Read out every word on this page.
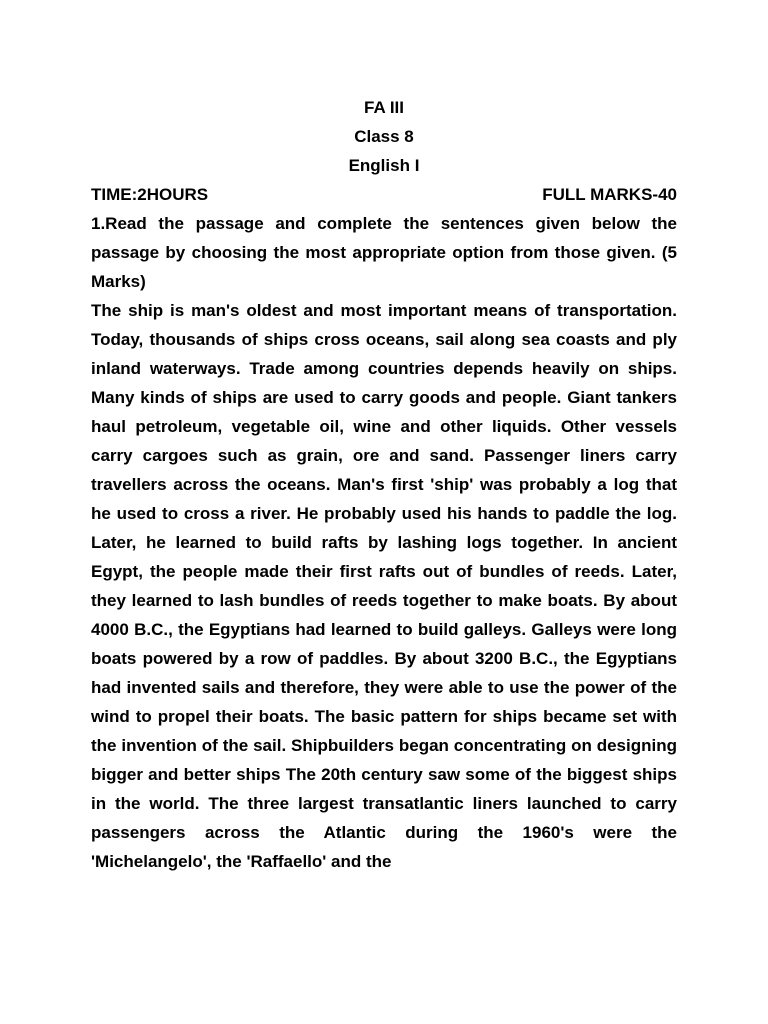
FA III
Class 8
English I
TIME:2HOURS	FULL MARKS-40

1.Read the passage and complete the sentences given below the passage by choosing the most appropriate option from those given. (5 Marks)

The ship is man's oldest and most important means of transportation. Today, thousands of ships cross oceans, sail along sea coasts and ply inland waterways. Trade among countries depends heavily on ships. Many kinds of ships are used to carry goods and people. Giant tankers haul petroleum, vegetable oil, wine and other liquids. Other vessels carry cargoes such as grain, ore and sand. Passenger liners carry travellers across the oceans. Man's first 'ship' was probably a log that he used to cross a river. He probably used his hands to paddle the log. Later, he learned to build rafts by lashing logs together. In ancient Egypt, the people made their first rafts out of bundles of reeds. Later, they learned to lash bundles of reeds together to make boats. By about 4000 B.C., the Egyptians had learned to build galleys. Galleys were long boats powered by a row of paddles. By about 3200 B.C., the Egyptians had invented sails and therefore, they were able to use the power of the wind to propel their boats. The basic pattern for ships became set with the invention of the sail. Shipbuilders began concentrating on designing bigger and better ships The 20th century saw some of the biggest ships in the world. The three largest transatlantic liners launched to carry passengers across the Atlantic during the 1960's were the 'Michelangelo', the 'Raffaello' and the
